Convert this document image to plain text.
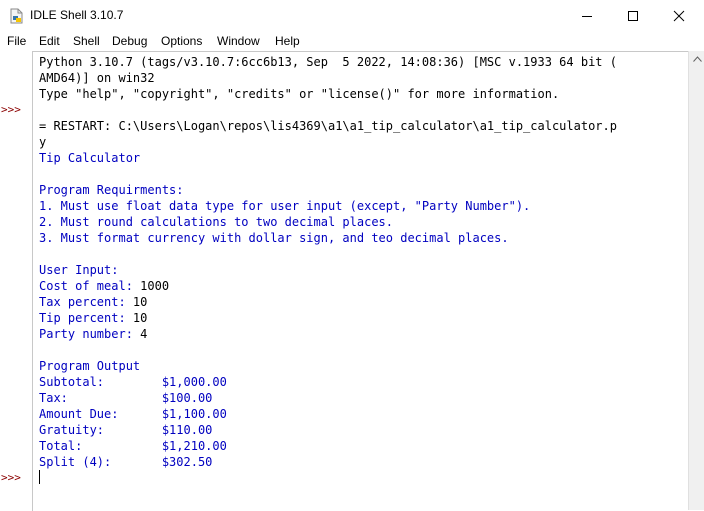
IDLE Shell 3.10.7
File Edit Shell Debug Options Window Help
>>>
>>>
Python 3.10.7 (tags/v3.10.7:6cc6b13, Sep  5 2022, 14:08:36) [MSC v.1933 64 bit (
AMD64)] on win32
Type "help", "copyright", "credits" or "license()" for more information.
= RESTART: C:\Users\Logan\repos\lis4369\a1\a1_tip_calculator\a1_tip_calculator.p
y
Tip Calculator
Program Requirments:
1. Must use float data type for user input (except, "Party Number").
2. Must round calculations to two decimal places.
3. Must format currency with dollar sign, and teo decimal places.
User Input:
Cost of meal: 1000
Tax percent: 10
Tip percent: 10
Party number: 4
Program Output
Subtotal:        $1,000.00
Tax:             $100.00
Amount Due:      $1,100.00
Gratuity:        $110.00
Total:           $1,210.00
Split (4):       $302.50
